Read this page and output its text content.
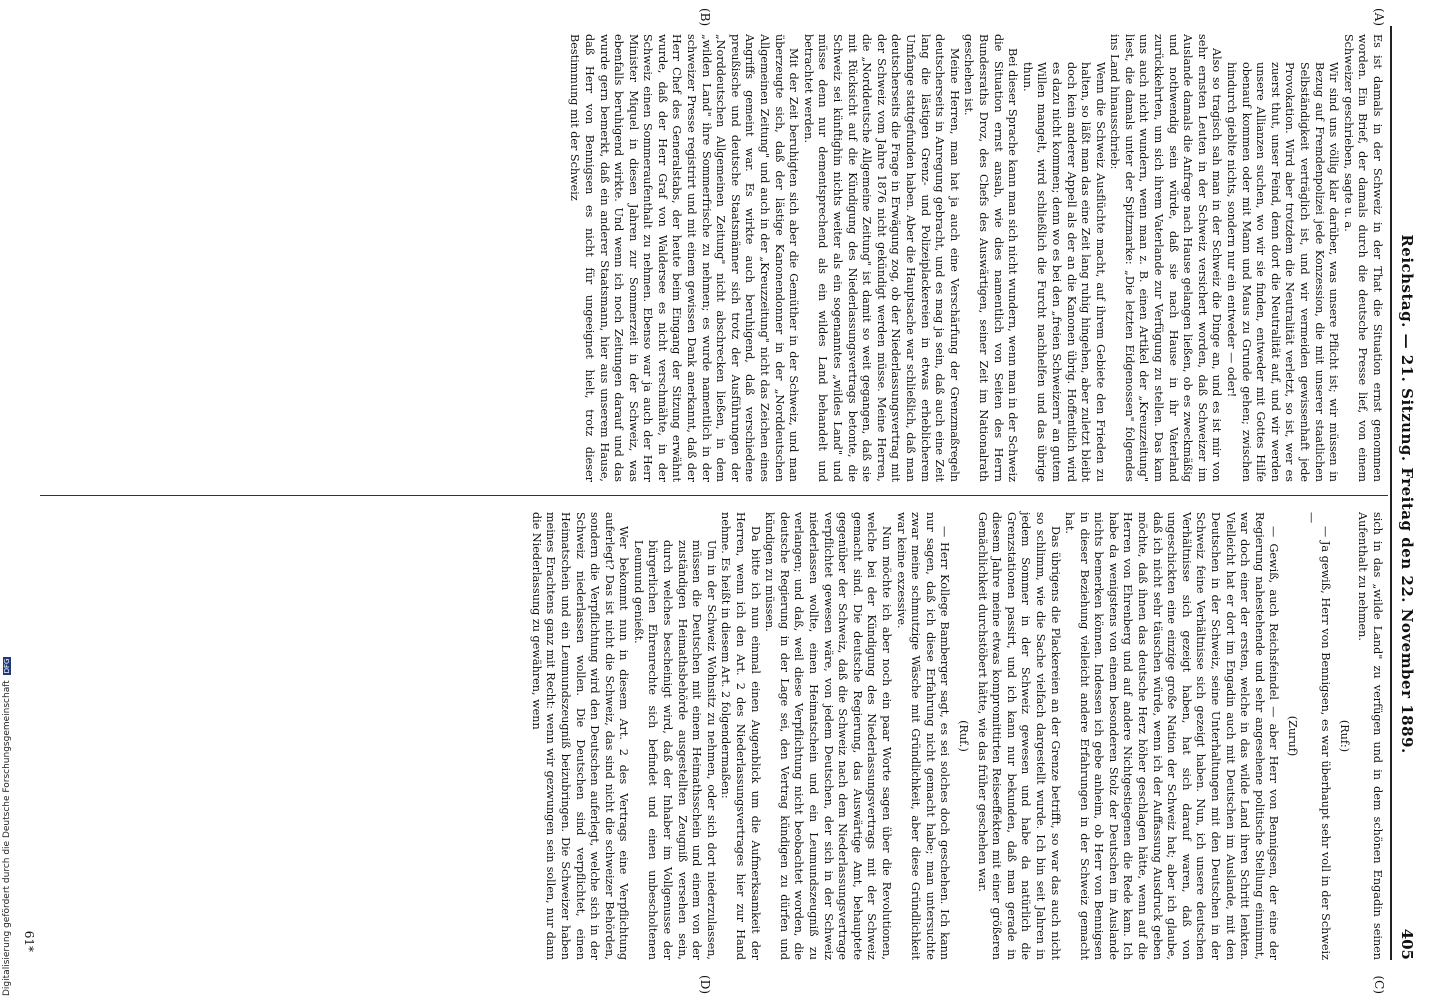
Reichstag. — 21. Sitzung. Freitag den 22. November 1889.
405
(A)
(B)
(C)
(D)

Es ist damals in der Schweiz in der That die Situation ernst genommen worden. Ein Brief, der damals durch die deutsche Presse lief, von einem Schweizer geschrieben, sagte u. a.

Wir sind uns völlig klar darüber, was unsere Pflicht ist; wir müssen in Bezug auf Fremdenpolizei jede Konzession, die mit unserer staatlichen Selbständigkeit verträglich ist, und wir vermeiden gewissenhaft jede Provokation. Wird aber trotzdem die Neutralität verletzt, so ist, wer es zuerst thut, unser Feind, denn dort die Neutralität auf, und wir werden unsere Allianzen suchen, wo wir sie finden, entweder mit Gottes Hilfe obenauf kommen oder mit Mann und Maus zu Grunde gehen; zwischen hindurch gieblte nichts, sondern nur ein entweder — oder!

Also so tragisch sah man in der Schweiz die Dinge an, und es ist mir von sehr ernsten Leuten in der Schweiz versichert worden, daß Schweizer im Auslande damals die Anfrage nach Hause gelangen ließen, ob es zweckmäßig und nothwendig sein würde, daß sie nach Hause in ihr Vaterland zurückkehrten, um sich ihrem Vaterlande zur Verfügung zu stellen. Das kam uns auch nicht wundern, wenn man z. B. einen Artikel der „Kreuzzeitung" liest, die damals unter der Spitzmarke: „Die letzten Eidgenossen" folgendes ins Land hinausschrieb:

Wenn die Schweiz Ausflüchte macht, auf ihrem Gebiete den Frieden zu halten, so läßt man das eine Zeit lang ruhig hingehen, aber zuletzt bleibt doch kein anderer Appell als der an die Kanonen übrig. Hoffentlich wird es dazu nicht kommen; denn wo es bei den „freien Schweizern" an gutem Willen mangelt, wird schließlich die Furcht nachhelfen und das übrige thun.

Bei dieser Sprache kann man sich nicht wundern, wenn man in der Schweiz die Situation ernst ansah, wie dies namentlich von Seiten des Herrn Bundesraths Droz, des Chefs des Auswärtigen, seiner Zeit im Nationalrath geschehen ist.

Meine Herren, man hat ja auch eine Verschärfung der Grenzmaßregeln deutscherseits in Anregung gebracht, und es mag ja sein, daß auch eine Zeit lang die lästigen Grenz- und Polizeiplackereien in etwas erheblicherem Umfange stattgefunden haben. Aber die Hauptsache war schließlich, daß man deutscherseits die Frage in Erwägung zog, ob der Niederlassungsvertrag mit der Schweiz vom Jahre 1876 nicht gekündigt werden müsse. Meine Herren, die „Norddeutsche Allgemeine Zeitung" ist damit so weit gegangen, daß sie mit Rücksicht auf die Kündigung des Niederlassungsvertrags betonte, die Schweiz sei künftighin nichts weiter als ein sogenanntes „wildes Land" und müsse denn nur dementsprechend als ein wildes Land behandelt und betrachtet werden.

Mit der Zeit beruhigten sich aber die Gemüther in der Schweiz, und man überzeugte sich, daß der lästige Kanonendonner in der „Norddeutschen Allgemeinen Zeitung" und auch in der „Kreuzzeitung" nicht das Zeichen eines Angriffs gemeint war. Es wirkte auch beruhigend, daß verschiedene preußische und deutsche Staatsmänner sich trotz der Ausführungen der „Norddeutschen Allgemeinen Zeitung" nicht abschrecken ließen, in dem „wilden Land" ihre Sommerfrische zu nehmen; es wurde namentlich in der schweizer Presse registrirt und mit einem gewissen Dank anerkannt, daß der Herr Chef des Generalstabs, der heute beim Eingang der Sitzung erwähnt wurde, daß der Herr Graf von Waldersee es nicht verschmähte, in der Schweiz einen Sommeraufenthalt zu nehmen. Ebenso war ja auch der Herr Minister Miquel in diesen Jahren zur Sommerzeit in der Schweiz, was ebenfalls beruhigend wirkte. Und wenn ich noch Zeitungen darauf und das wurde gern bemerkt, daß ein anderer Staatsmann, hier aus unserem Hause, daß Herr von Bennigsen es nicht für ungeeignet hielt, trotz dieser Bestimmung mit der Schweiz

sich in das „wilde Land" zu verfügen und in dem schönen Engadin seinen Aufenthalt zu nehmen.

(Ruf:)

— Ja gewiß, Herr von Bennigsen, es war überhaupt sehr voll in der Schweiz —

(Zuruf)

— Gewiß, auch Reichsfeindel — aber Herr von Bennigsen, der eine der Regierung nahestehende und sehr angesehene politische Stellung einnimmt, war doch einer der ersten, welche in das wilde Land ihren Schritt lenkten. Vielleicht hat er dort im Engadin auch mit Deutschen im Auslande, mit den Deutschen in der Schweiz, seine Unterhaltungen mit den Deutschen in der Schweiz feine Verhältnisse sich gezeigt haben. Nun, ich unsere deutschen Verhältnisse sich gezeigt haben, hat sich darauf waren, daß von ungeschickten eine einzige große Nation der Schweiz hat; aber ich glaube, daß ich nicht sehr täuschen würde, wenn ich der Auffassung Ausdruck geben möchte, daß ihnen das deutsche Herz höher geschlagen hätte, wenn auf die Herren von Ehrenberg und auf andere Nichtgestiegenen die Rede kam. Ich habe da wenigstens von einem besonderen Stolz der Deutschen im Auslande nichts bemerken können. Indessen ich gebe anheim, ob Herr von Bennigsen in dieser Beziehung vielleicht andere Erfahrungen in der Schweiz gemacht hat.

Das übrigens die Plackereien an der Grenze betrifft, so war das auch nicht so schlimm, wie die Sache vielfach dargestellt wurde. Ich bin seit Jahren in jedem Sommer in der Schweiz gewesen und habe da natürlich die Grenzstationen passirt, und ich kann nur bekunden, daß man gerade in diesem Jahre meine etwas kompromittirten Reiseeffekten mit einer größeren Gemächlichkeit durchstöbert hätte, wie das früher geschehen war.

(Ruf.)

— Herr Kollege Bamberger sagt, es sei solches doch geschehen. Ich kann nur sagen, daß ich diese Erfahrung nicht gemacht habe; man untersuchte zwar meine schmutzige Wäsche mit Gründlichkeit, aber diese Gründlichkeit war keine exzessive.

Nun möchte ich aber noch ein paar Worte sagen über die Revolutionen, welche bei der Kündigung des Niederlassungsvertrags mit der Schweiz gemacht sind. Die deutsche Regierung, das Auswärtige Amt, behauptete gegenüber der Schweiz, daß die Schweiz nach dem Niederlassungsvertrage verpflichtet gewesen wäre, von jedem Deutschen, der sich in der Schweiz niederlassen wollte, einen Heimatschein und ein Leumundszeugniß zu verlangen; und daß, weil diese Verpflichtung nicht beobachtet worden, die deutsche Regierung in der Lage sei, den Vertrag kündigen zu dürfen und kündigen zu müssen.

Da bitte ich nun einmal einen Augenblick um die Aufmerksamkeit der Herren, wenn ich den Art. 2 des Niederlassungsvertrages hier zur Hand nehme. Es heißt in diesem Art. 2 folgendermaßen:

Um in der Schweiz Wohnsitz zu nehmen, oder sich dort niederzulassen, müssen die Deutschen mit einem Heimathsschein und einem von der zuständigen Heimathsbehörde ausgestellten Zeugniß versehen sein, durch welches bescheinigt wird, daß der Inhaber im Vollgenusse der bürgerlichen Ehrenrechte sich befindet und einen unbescholtenen Leumund genießt.

Wer bekommt nun in diesem Art. 2 des Vertrags eine Verpflichtung auferlegt? Das ist nicht die Schweiz, das sind nicht die schweizer Behörden, sondern die Verpflichtung wird den Deutschen auferlegt, welche sich in der Schweiz niederlassen wollen. Die Deutschen sind verpflichtet, einen Heimatschein und ein Leumundszeugniß beizubringen. Die Schweizer haben meines Erachtens ganz mit Recht: wenn wir gezwungen sein sollen, nur dann die Niederlassung zu gewähren, wenn

61*
Digitalisierung gefördert durch die Deutsche Forschungsgemeinschaft DFG
